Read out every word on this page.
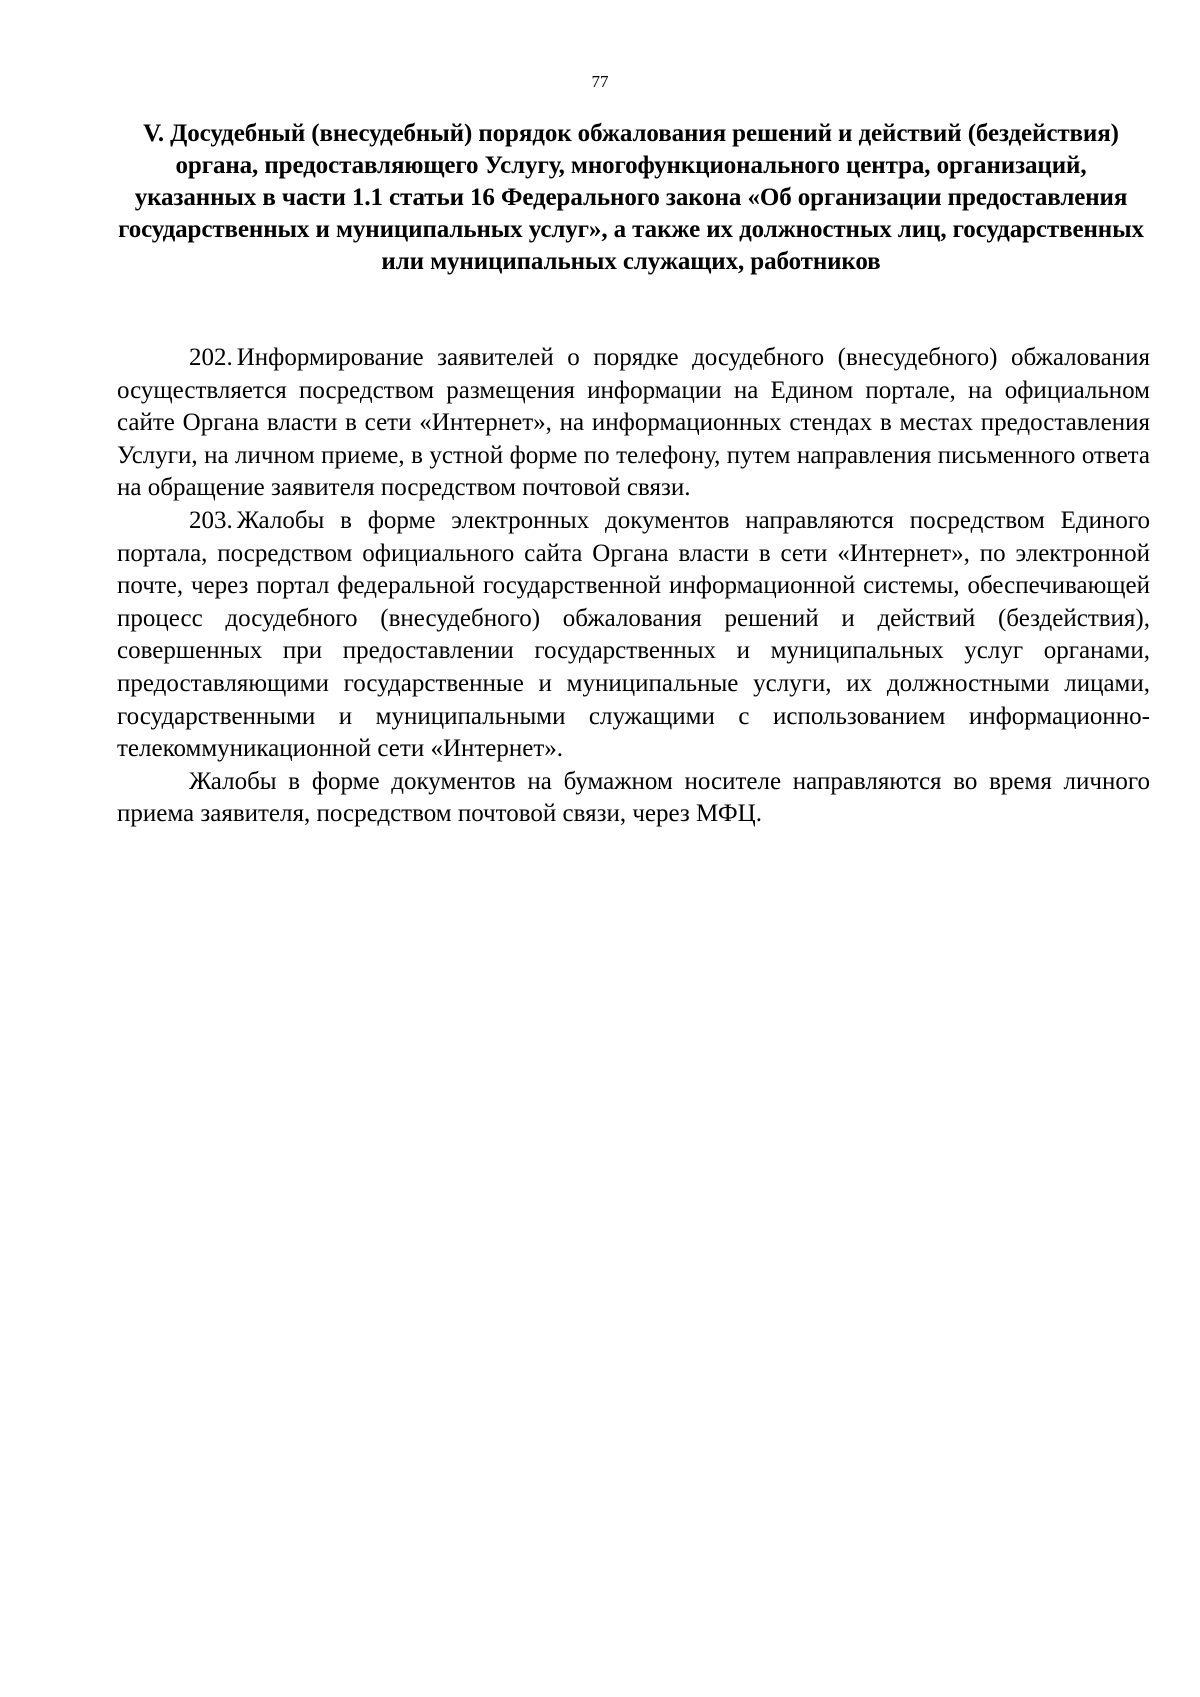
77
V. Досудебный (внесудебный) порядок обжалования решений и действий (бездействия) органа, предоставляющего Услугу, многофункционального центра, организаций, указанных в части 1.1 статьи 16 Федерального закона «Об организации предоставления государственных и муниципальных услуг», а также их должностных лиц, государственных или муниципальных служащих, работников

202. Информирование заявителей о порядке досудебного (внесудебного) обжалования осуществляется посредством размещения информации на Едином портале, на официальном сайте Органа власти в сети «Интернет», на информационных стендах в местах предоставления Услуги, на личном приеме, в устной форме по телефону, путем направления письменного ответа на обращение заявителя посредством почтовой связи.

203. Жалобы в форме электронных документов направляются посредством Единого портала, посредством официального сайта Органа власти в сети «Интернет», по электронной почте, через портал федеральной государственной информационной системы, обеспечивающей процесс досудебного (внесудебного) обжалования решений и действий (бездействия), совершенных при предоставлении государственных и муниципальных услуг органами, предоставляющими государственные и муниципальные услуги, их должностными лицами, государственными и муниципальными служащими с использованием информационно-телекоммуникационной сети «Интернет».

Жалобы в форме документов на бумажном носителе направляются во время личного приема заявителя, посредством почтовой связи, через МФЦ.
